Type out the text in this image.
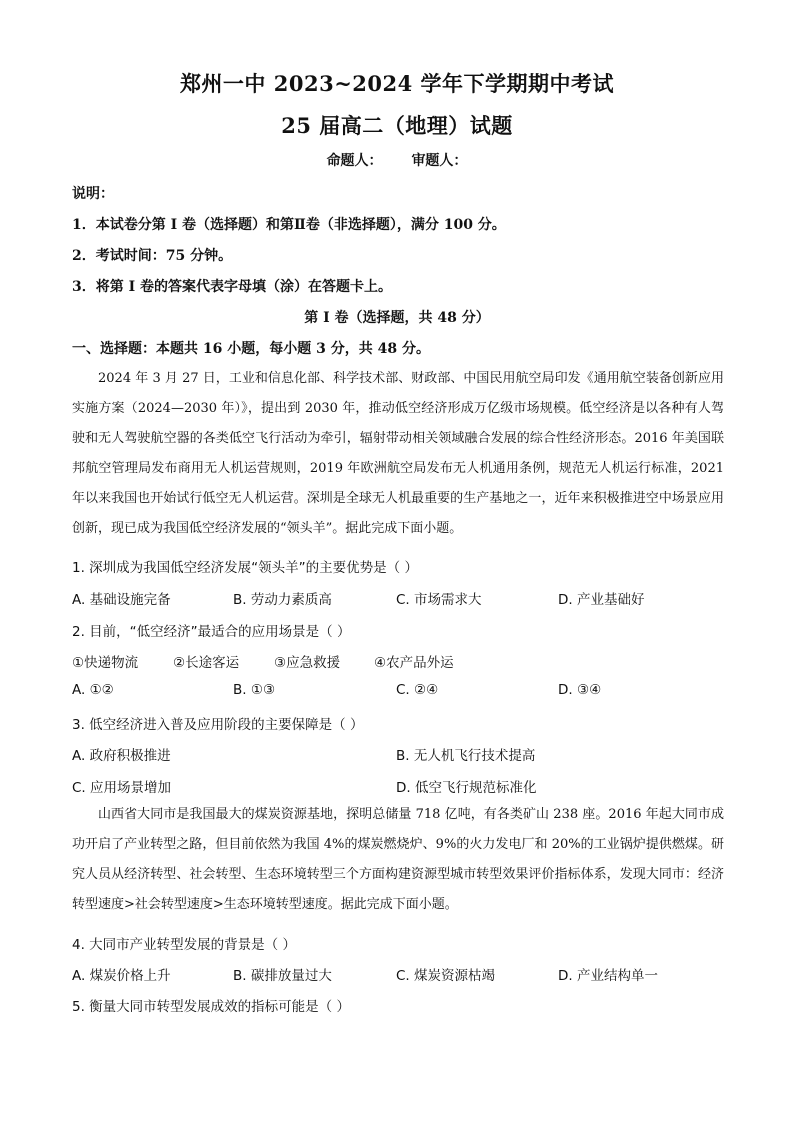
郑州一中 2023~2024 学年下学期期中考试
25 届高二（地理）试题
命题人： 审题人：
说明：
1．本试卷分第 I 卷（选择题）和第Ⅱ卷（非选择题），满分 100 分。
2．考试时间：75 分钟。
3．将第 I 卷的答案代表字母填（涂）在答题卡上。
第 I 卷（选择题，共 48 分）
一、选择题：本题共 16 小题，每小题 3 分，共 48 分。
2024 年 3 月 27 日，工业和信息化部、科学技术部、财政部、中国民用航空局印发《通用航空装备创新应用实施方案（2024—2030 年）》，提出到 2030 年，推动低空经济形成万亿级市场规模。低空经济是以各种有人驾驶和无人驾驶航空器的各类低空飞行活动为牵引，辐射带动相关领域融合发展的综合性经济形态。2016 年美国联邦航空管理局发布商用无人机运营规则，2019 年欧洲航空局发布无人机通用条例，规范无人机运行标准，2021 年以来我国也开始试行低空无人机运营。深圳是全球无人机最重要的生产基地之一，近年来积极推进空中场景应用创新，现已成为我国低空经济发展的“领头羊”。据此完成下面小题。
1. 深圳成为我国低空经济发展“领头羊”的主要优势是（ ）
A. 基础设施完备	B. 劳动力素质高	C. 市场需求大	D. 产业基础好
2. 目前，“低空经济”最适合的应用场景是（ ）
①快递物流	②长途客运	③应急救援	④农产品外运
A. ①②	B. ①③	C. ②④	D. ③④
3. 低空经济进入普及应用阶段的主要保障是（ ）
A. 政府积极推进	B. 无人机飞行技术提高
C. 应用场景增加	D. 低空飞行规范标准化
山西省大同市是我国最大的煤炭资源基地，探明总储量 718 亿吨，有各类矿山 238 座。2016 年起大同市成功开启了产业转型之路，但目前依然为我国 4%的煤炭燃烧炉、9%的火力发电厂和 20%的工业锅炉提供燃煤。研究人员从经济转型、社会转型、生态环境转型三个方面构建资源型城市转型效果评价指标体系，发现大同市：经济转型速度>社会转型速度>生态环境转型速度。据此完成下面小题。
4. 大同市产业转型发展的背景是（ ）
A. 煤炭价格上升	B. 碳排放量过大	C. 煤炭资源枯竭	D. 产业结构单一
5. 衡量大同市转型发展成效的指标可能是（ ）
